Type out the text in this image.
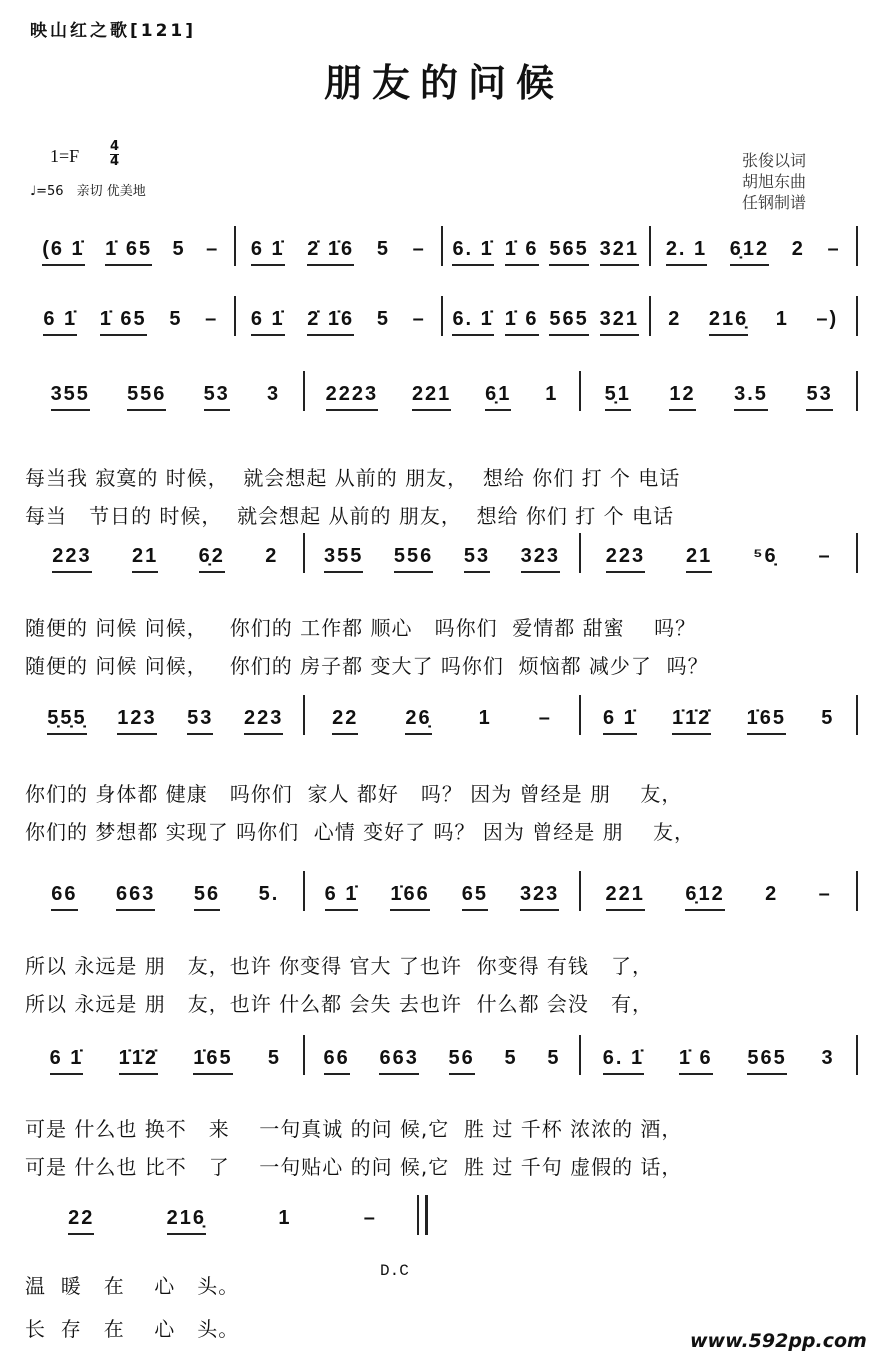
映山红之歌[121]
朋友的问候
1=F 4
4
♩=56　亲切 优美地
张俊以词
胡旭东曲
任钢制谱
D.C
www.592pp.com
(6 1̇ 1̇ 65 5 – 6 1̇ 2̇ 1̇6 5 – 6. 1̇ 1̇ 6 565 321 2. 1 6̣12 2 –
6 1̇ 1̇ 65 5 – 6 1̇ 2̇ 1̇6 5 – 6. 1̇ 1̇ 6 565 321 2 216̣ 1 –)
355 556 53 3 2223 221 6̣1 1 5̣1 12 3.5 53
223 21 6̣2 2 355 556 53 323 223 21 ⁵6̣ –
5̣5̣5̣ 123 53 223 22 26̣ 1 –	6 1̇ 1̇1̇2̇ 1̇65 5
66 663 56 5. 6 1̇ 1̇66 65 323 221 6̣12 2 –
6 1̇ 1̇1̇2̇ 1̇65 5 66 663 56 5 5 6. 1̇ 1̇ 6 565 3
22	216̣	1	–
每当我 寂寞的 时候，  就会想起 从前的 朋友，  想给 你们 打 个 电话
每当   节日的 时候，  就会想起 从前的 朋友，  想给 你们 打 个 电话
随便的 问候 问候，   你们的 工作都 顺心   吗你们  爱情都 甜蜜    吗？
随便的 问候 问候，   你们的 房子都 变大了 吗你们  烦恼都 减少了  吗？
你们的 身体都 健康   吗你们  家人 都好   吗？ 因为 曾经是 朋    友，
你们的 梦想都 实现了 吗你们  心情 变好了 吗？ 因为 曾经是 朋    友，
所以 永远是 朋   友，也许 你变得 官大 了也许  你变得 有钱   了，
所以 永远是 朋   友，也许 什么都 会失 去也许  什么都 会没   有，
可是 什么也 换不   来    一句真诚 的问 候,它  胜 过 千杯 浓浓的 酒，
可是 什么也 比不   了    一句贴心 的问 候,它  胜 过 千句 虚假的 话，
温  暖   在    心   头。
长  存   在    心   头。
